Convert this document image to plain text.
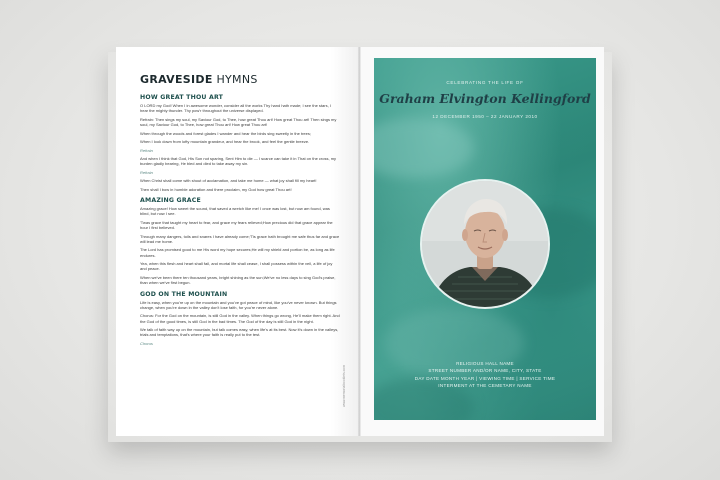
GRAVESIDE HYMNS
HOW GREAT THOU ART
O LORD my God! When I in awesome wonder, consider all the works Thy hand hath made; I see the stars, I hear the mighty thunder. Thy pow'r throughout the universe displayed.
Refrain: Then sings my soul, my Saviour God, to Thee, how great Thou art! How great Thou art! Then sings my soul, my Saviour God, to Thee, how great Thou art! How great Thou art!
When through the woods and forest glades I wander and hear the birds sing sweetly in the trees;
When I look down from lofty mountain grandeur, and hear the brook, and feel the gentle breeze.
Refrain
And when I think that God, His Son not sparing, Sent Him to die — I scarce can take it in That on the cross, my burden gladly bearing, He bled and died to take away my sin.
Refrain
When Christ shall come with shout of acclamation, and take me home — what joy shall fill my heart!
Then shall I bow in humble adoration and there proclaim, my God how great Thou art!
AMAZING GRACE
Amazing grace! How sweet the sound, that saved a wretch like me! I once was lost, but now am found, was blind, but now I see.
'Twas grace that taught my heart to fear, and grace my fears relieved;How precious did that grace appear the hour I first believed.
Through many dangers, toils and snares I have already come;'Tis grace hath brought me safe thus far and grace will lead me home.
The Lord has promised good to me His word my hope secures;He will my shield and portion be, as long as life endures.
Yea, when this flesh and heart shall fail, and mortal life shall cease, I shall possess within the veil, a life of joy and peace.
When we've been there ten thousand years, bright shining as the sun;We've no less days to sing God's praise, than when we've first begun.
GOD ON THE MOUNTAIN
Life is easy, when you're up on the mountain and you've got peace of mind, like you've never known. But things change, when you're down in the valley don't lose faith, for you're never alone.
Chorus: For the God on the mountain, is still God in the valley. When things go wrong, He'll make them right. And the God of the good times, is still God in the bad times. The God of the day is still God in the night.
We talk of faith way up on the mountain, but talk comes easy, when life's at its best. Now it's down in the valleys, trials and temptations, that's where your faith is really put to the test.
Chorus
www.memorialbooklets.com
CELEBRATING THE LIFE OF
Graham Elvington Kellingford
12 DECEMBER 1950 – 22 JANUARY 2010
RELIGIOUS HALL NAME
STREET NUMBER AND/OR NAME, CITY, STATE
DAY DATE MONTH YEAR | VIEWING TIME | SERVICE TIME
INTERMENT AT THE CEMETARY NAME
